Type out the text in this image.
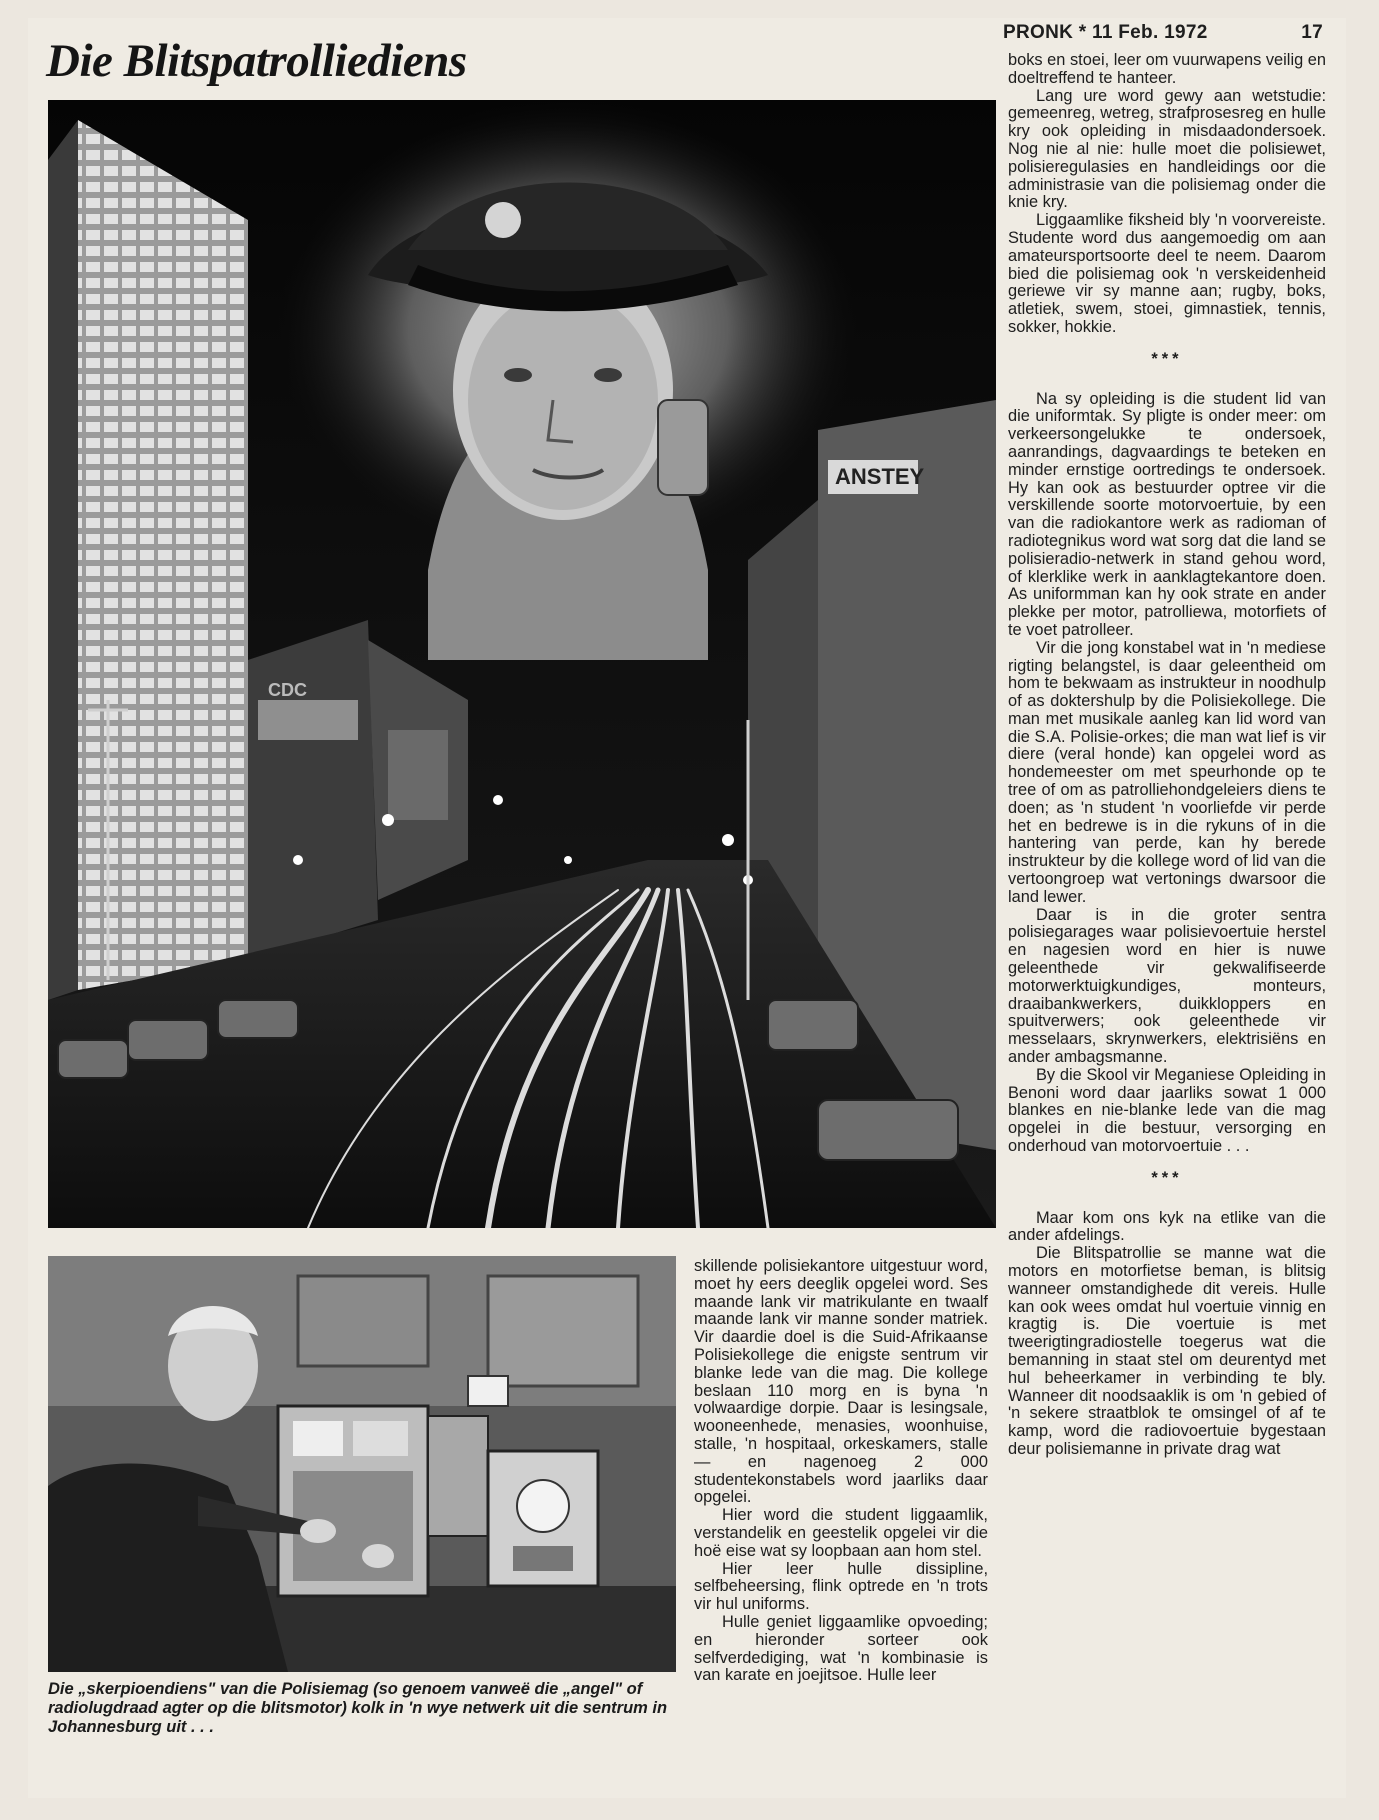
PRONK * 11 Feb. 1972	17
Die Blitspatrolliediens
ANSTEY
CDC
Die „skerpioendiens" van die Polisiemag (so genoem vanweë die „angel" of radiolugdraad agter op die blitsmotor) kolk in 'n wye netwerk uit die sentrum in Johannesburg uit . . .

skillende polisiekantore uitgestuur word, moet hy eers deeglik opgelei word. Ses maande lank vir matrikulante en twaalf maande lank vir manne sonder matriek. Vir daardie doel is die Suid-Afrikaanse Polisiekollege die enigste sentrum vir blanke lede van die mag. Die kollege beslaan 110 morg en is byna 'n volwaardige dorpie. Daar is lesingsale, wooneenhede, menasies, woonhuise, stalle, 'n hospitaal, orkeskamers, stalle — en nagenoeg 2 000 studentekonstabels word jaarliks daar opgelei.

Hier word die student liggaamlik, verstandelik en geestelik opgelei vir die hoë eise wat sy loopbaan aan hom stel.

Hier leer hulle dissipline, selfbeheersing, flink optrede en 'n trots vir hul uniforms.

Hulle geniet liggaamlike opvoeding; en hieronder sorteer ook selfverdediging, wat 'n kombinasie is van karate en joejitsoe. Hulle leer

boks en stoei, leer om vuurwapens veilig en doeltreffend te hanteer.

Lang ure word gewy aan wetstudie: gemeenreg, wetreg, strafprosesreg en hulle kry ook opleiding in misdaadondersoek. Nog nie al nie: hulle moet die polisiewet, polisieregulasies en handleidings oor die administrasie van die polisiemag onder die knie kry.

Liggaamlike fiksheid bly 'n voorvereiste. Studente word dus aangemoedig om aan amateursportsoorte deel te neem. Daarom bied die polisiemag ook 'n verskeidenheid geriewe vir sy manne aan; rugby, boks, atletiek, swem, stoei, gimnastiek, tennis, sokker, hokkie.

***

Na sy opleiding is die student lid van die uniformtak. Sy pligte is onder meer: om verkeersongelukke te ondersoek, aanrandings, dagvaardings te beteken en minder ernstige oortredings te ondersoek. Hy kan ook as bestuurder optree vir die verskillende soorte motorvoertuie, by een van die radiokantore werk as radioman of radiotegnikus word wat sorg dat die land se polisieradio-netwerk in stand gehou word, of klerklike werk in aanklagtekantore doen. As uniformman kan hy ook strate en ander plekke per motor, patrolliewa, motorfiets of te voet patrolleer.

Vir die jong konstabel wat in 'n mediese rigting belangstel, is daar geleentheid om hom te bekwaam as instrukteur in noodhulp of as doktershulp by die Polisiekollege. Die man met musikale aanleg kan lid word van die S.A. Polisie-orkes; die man wat lief is vir diere (veral honde) kan opgelei word as hondemeester om met speurhonde op te tree of om as patrolliehondgeleiers diens te doen; as 'n student 'n voorliefde vir perde het en bedrewe is in die rykuns of in die hantering van perde, kan hy berede instrukteur by die kollege word of lid van die vertoongroep wat vertonings dwarsoor die land lewer.

Daar is in die groter sentra polisiegarages waar polisievoertuie herstel en nagesien word en hier is nuwe geleenthede vir gekwalifiseerde motorwerktuigkundiges, monteurs, draaibankwerkers, duikkloppers en spuitverwers; ook geleenthede vir messelaars, skrynwerkers, elektrisiëns en ander ambagsmanne.

By die Skool vir Meganiese Opleiding in Benoni word daar jaarliks sowat 1 000 blankes en nie-blanke lede van die mag opgelei in die bestuur, versorging en onderhoud van motorvoertuie . . .

***

Maar kom ons kyk na etlike van die ander afdelings.

Die Blitspatrollie se manne wat die motors en motorfietse beman, is blitsig wanneer omstandighede dit vereis. Hulle kan ook wees omdat hul voertuie vinnig en kragtig is. Die voertuie is met tweerigtingradiostelle toegerus wat die bemanning in staat stel om deurentyd met hul beheerkamer in verbinding te bly. Wanneer dit noodsaaklik is om 'n gebied of 'n sekere straatblok te omsingel of af te kamp, word die radiovoertuie bygestaan deur polisiemanne in private drag wat
